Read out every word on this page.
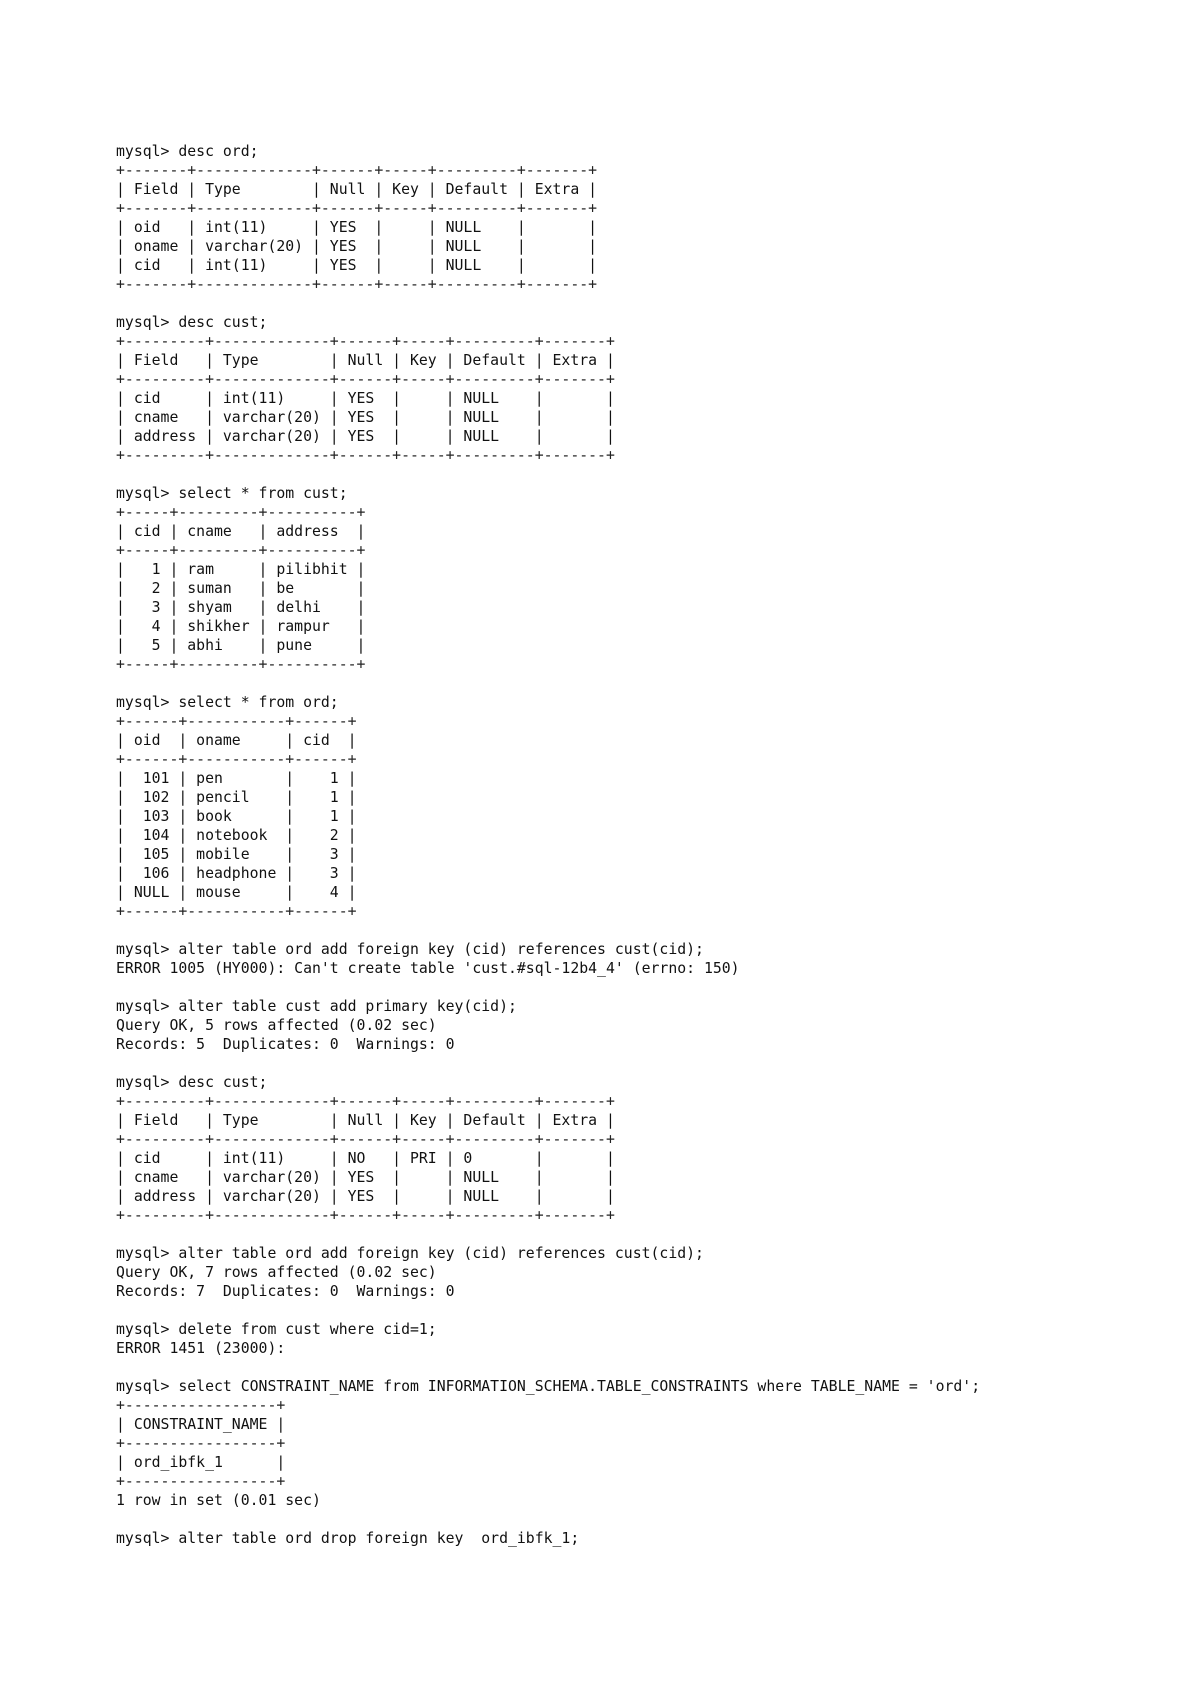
mysql> desc ord;
+-------+-------------+------+-----+---------+-------+
| Field | Type        | Null | Key | Default | Extra |
+-------+-------------+------+-----+---------+-------+
| oid   | int(11)     | YES  |     | NULL    |       |
| oname | varchar(20) | YES  |     | NULL    |       |
| cid   | int(11)     | YES  |     | NULL    |       |
+-------+-------------+------+-----+---------+-------+
mysql> desc cust;
+---------+-------------+------+-----+---------+-------+
| Field   | Type        | Null | Key | Default | Extra |
+---------+-------------+------+-----+---------+-------+
| cid     | int(11)     | YES  |     | NULL    |       |
| cname   | varchar(20) | YES  |     | NULL    |       |
| address | varchar(20) | YES  |     | NULL    |       |
+---------+-------------+------+-----+---------+-------+
mysql> select * from cust;
+-----+---------+----------+
| cid | cname   | address  |
+-----+---------+----------+
|   1 | ram     | pilibhit |
|   2 | suman   | be       |
|   3 | shyam   | delhi    |
|   4 | shikher | rampur   |
|   5 | abhi    | pune     |
+-----+---------+----------+
mysql> select * from ord;
+------+-----------+------+
| oid  | oname     | cid  |
+------+-----------+------+
|  101 | pen       |    1 |
|  102 | pencil    |    1 |
|  103 | book      |    1 |
|  104 | notebook  |    2 |
|  105 | mobile    |    3 |
|  106 | headphone |    3 |
| NULL | mouse     |    4 |
+------+-----------+------+
mysql> alter table ord add foreign key (cid) references cust(cid);
ERROR 1005 (HY000): Can't create table 'cust.#sql-12b4_4' (errno: 150)
mysql> alter table cust add primary key(cid);
Query OK, 5 rows affected (0.02 sec)
Records: 5  Duplicates: 0  Warnings: 0
mysql> desc cust;
+---------+-------------+------+-----+---------+-------+
| Field   | Type        | Null | Key | Default | Extra |
+---------+-------------+------+-----+---------+-------+
| cid     | int(11)     | NO   | PRI | 0       |       |
| cname   | varchar(20) | YES  |     | NULL    |       |
| address | varchar(20) | YES  |     | NULL    |       |
+---------+-------------+------+-----+---------+-------+
mysql> alter table ord add foreign key (cid) references cust(cid);
Query OK, 7 rows affected (0.02 sec)
Records: 7  Duplicates: 0  Warnings: 0
mysql> delete from cust where cid=1;
ERROR 1451 (23000):
mysql> select CONSTRAINT_NAME from INFORMATION_SCHEMA.TABLE_CONSTRAINTS where TABLE_NAME = 'ord';
+-----------------+
| CONSTRAINT_NAME |
+-----------------+
| ord_ibfk_1      |
+-----------------+
1 row in set (0.01 sec)
mysql> alter table ord drop foreign key  ord_ibfk_1;
